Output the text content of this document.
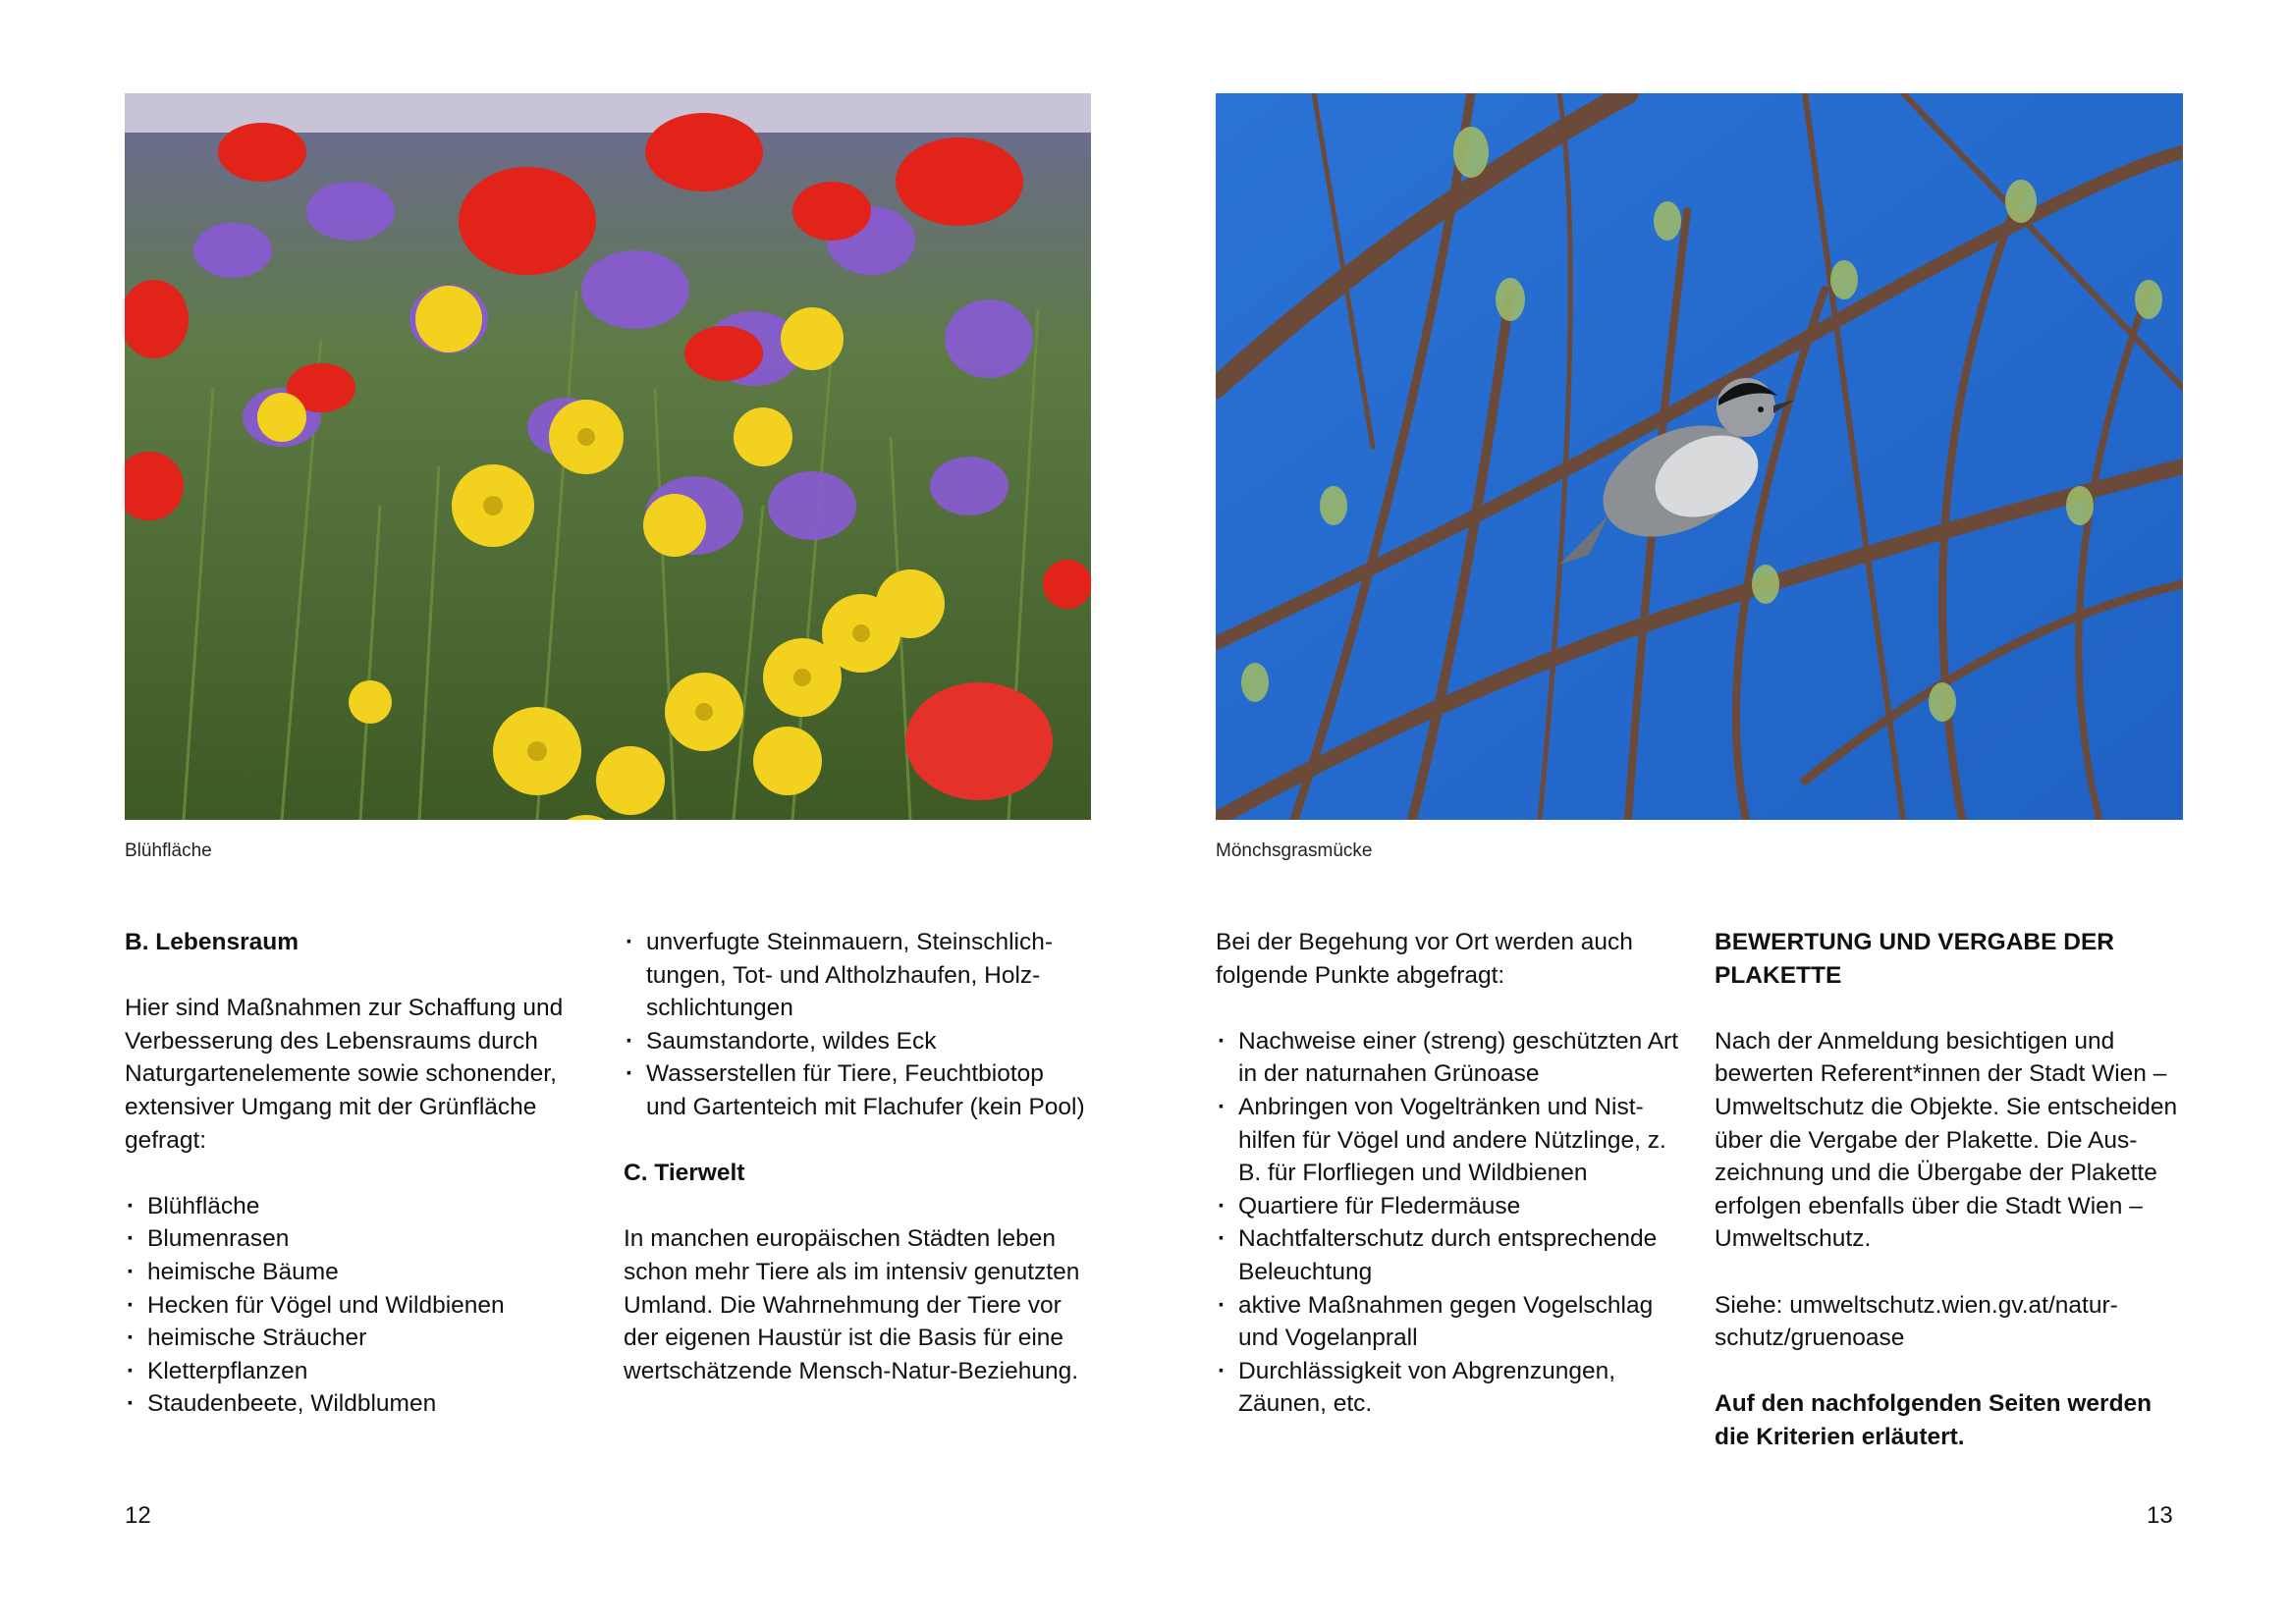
Blühfläche	Mönchsgrasmücke
B. Lebensraum

Hier sind Maßnahmen zur Schaffung und Verbesserung des Lebensraums durch Naturgartenelemente sowie schonender, extensiver Umgang mit der Grünfläche gefragt:

· Blühfläche
· Blumenrasen
· heimische Bäume
· Hecken für Vögel und Wildbienen
· heimische Sträucher
· Kletterpflanzen
· Staudenbeete, Wildblumen
· unverfugte Steinmauern, Steinschlich-tungen, Tot- und Altholzhaufen, Holz-schlichtungen
· Saumstandorte, wildes Eck
· Wasserstellen für Tiere, Feuchtbiotop und Gartenteich mit Flachufer (kein Pool)
C. Tierwelt

In manchen europäischen Städten leben schon mehr Tiere als im intensiv genutzten Umland. Die Wahrnehmung der Tiere vor der eigenen Haustür ist die Basis für eine wertschätzende Mensch-Natur-Beziehung.

Bei der Begehung vor Ort werden auch folgende Punkte abgefragt:

· Nachweise einer (streng) geschützten Art in der naturnahen Grünoase
· Anbringen von Vogeltränken und Nist-hilfen für Vögel und andere Nützlinge, z. B. für Florfliegen und Wildbienen
· Quartiere für Fledermäuse
· Nachtfalterschutz durch entsprechende Beleuchtung
· aktive Maßnahmen gegen Vogelschlag und Vogelanprall
· Durchlässigkeit von Abgrenzungen, Zäunen, etc.
BEWERTUNG UND VERGABE DER PLAKETTE

Nach der Anmeldung besichtigen und bewerten Referent*innen der Stadt Wien – Umweltschutz die Objekte. Sie entscheiden über die Vergabe der Plakette. Die Aus-zeichnung und die Übergabe der Plakette erfolgen ebenfalls über die Stadt Wien – Umweltschutz.

Siehe: umweltschutz.wien.gv.at/natur-schutz/gruenoase

Auf den nachfolgenden Seiten werden die Kriterien erläutert.

12	13
